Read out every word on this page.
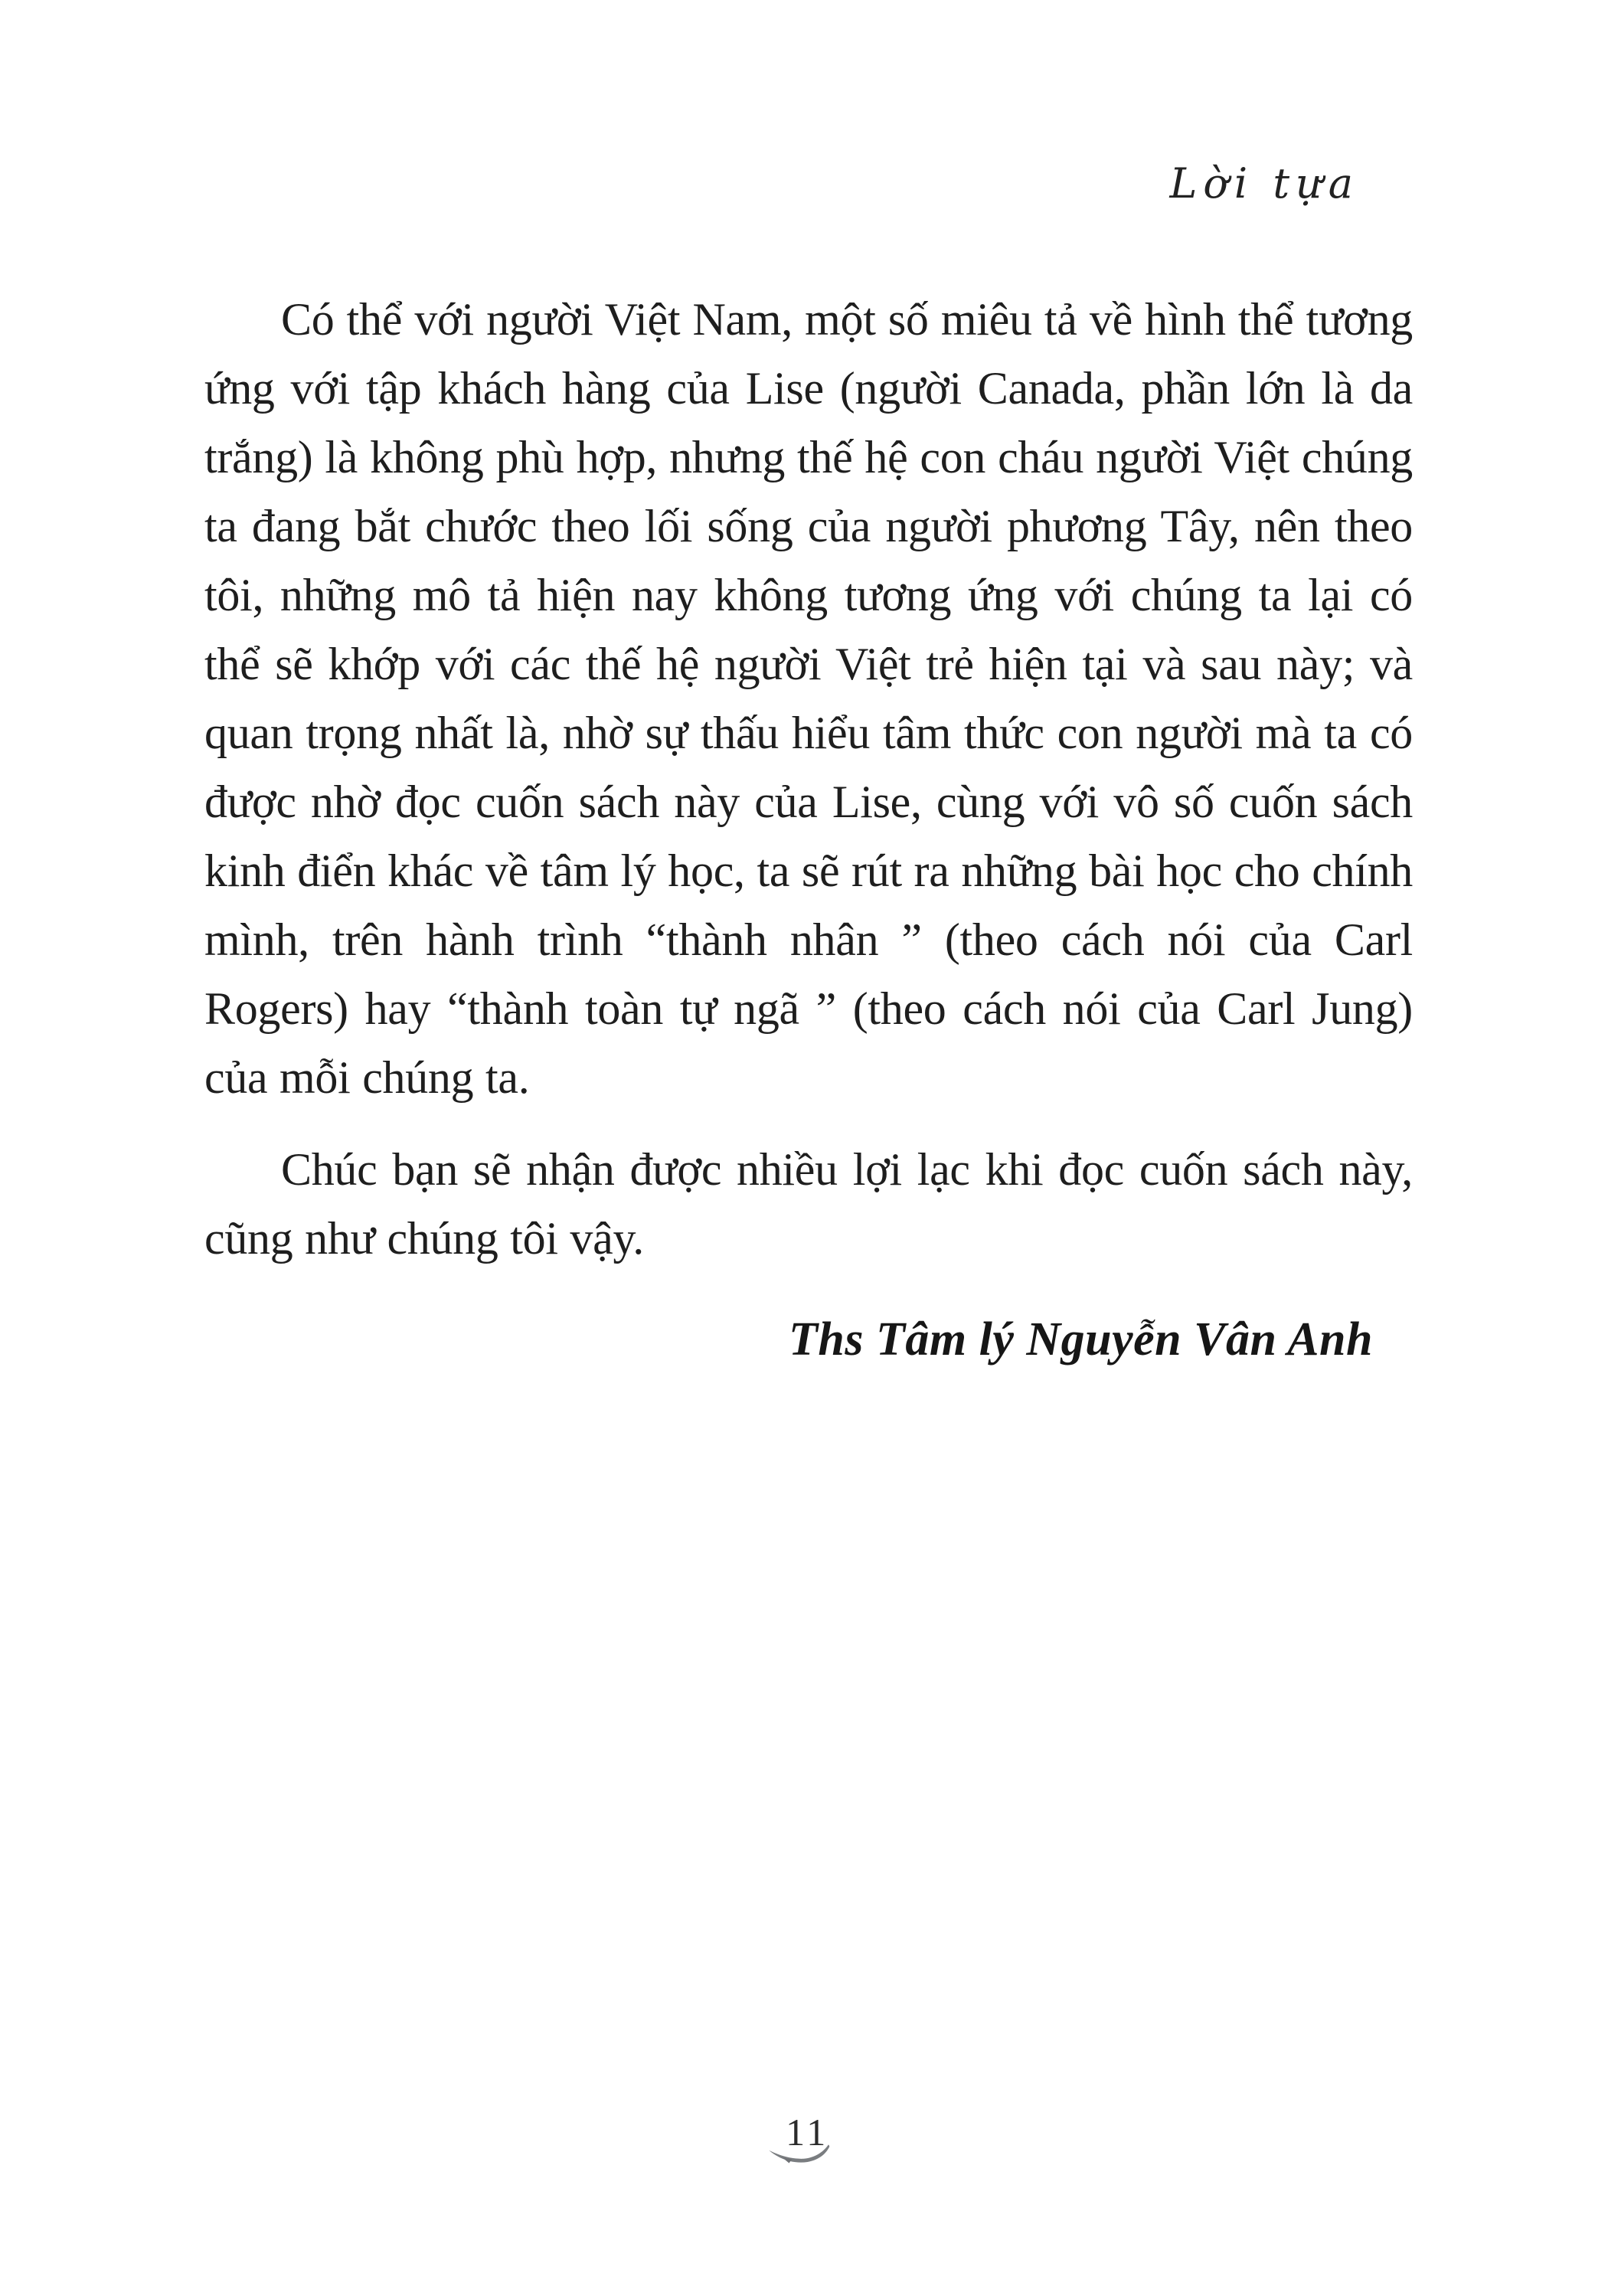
Lời tựa

Có thể với người Việt Nam, một số miêu tả về hình thể tương ứng với tập khách hàng của Lise (người Canada, phần lớn là da trắng) là không phù hợp, nhưng thế hệ con cháu người Việt chúng ta đang bắt chước theo lối sống của người phương Tây, nên theo tôi, những mô tả hiện nay không tương ứng với chúng ta lại có thể sẽ khớp với các thế hệ người Việt trẻ hiện tại và sau này; và quan trọng nhất là, nhờ sự thấu hiểu tâm thức con người mà ta có được nhờ đọc cuốn sách này của Lise, cùng với vô số cuốn sách kinh điển khác về tâm lý học, ta sẽ rút ra những bài học cho chính mình, trên hành trình “thành nhân ” (theo cách nói của Carl Rogers) hay “thành toàn tự ngã ” (theo cách nói của Carl Jung) của mỗi chúng ta.

Chúc bạn sẽ nhận được nhiều lợi lạc khi đọc cuốn sách này, cũng như chúng tôi vậy.

Ths Tâm lý Nguyễn Vân Anh

11
